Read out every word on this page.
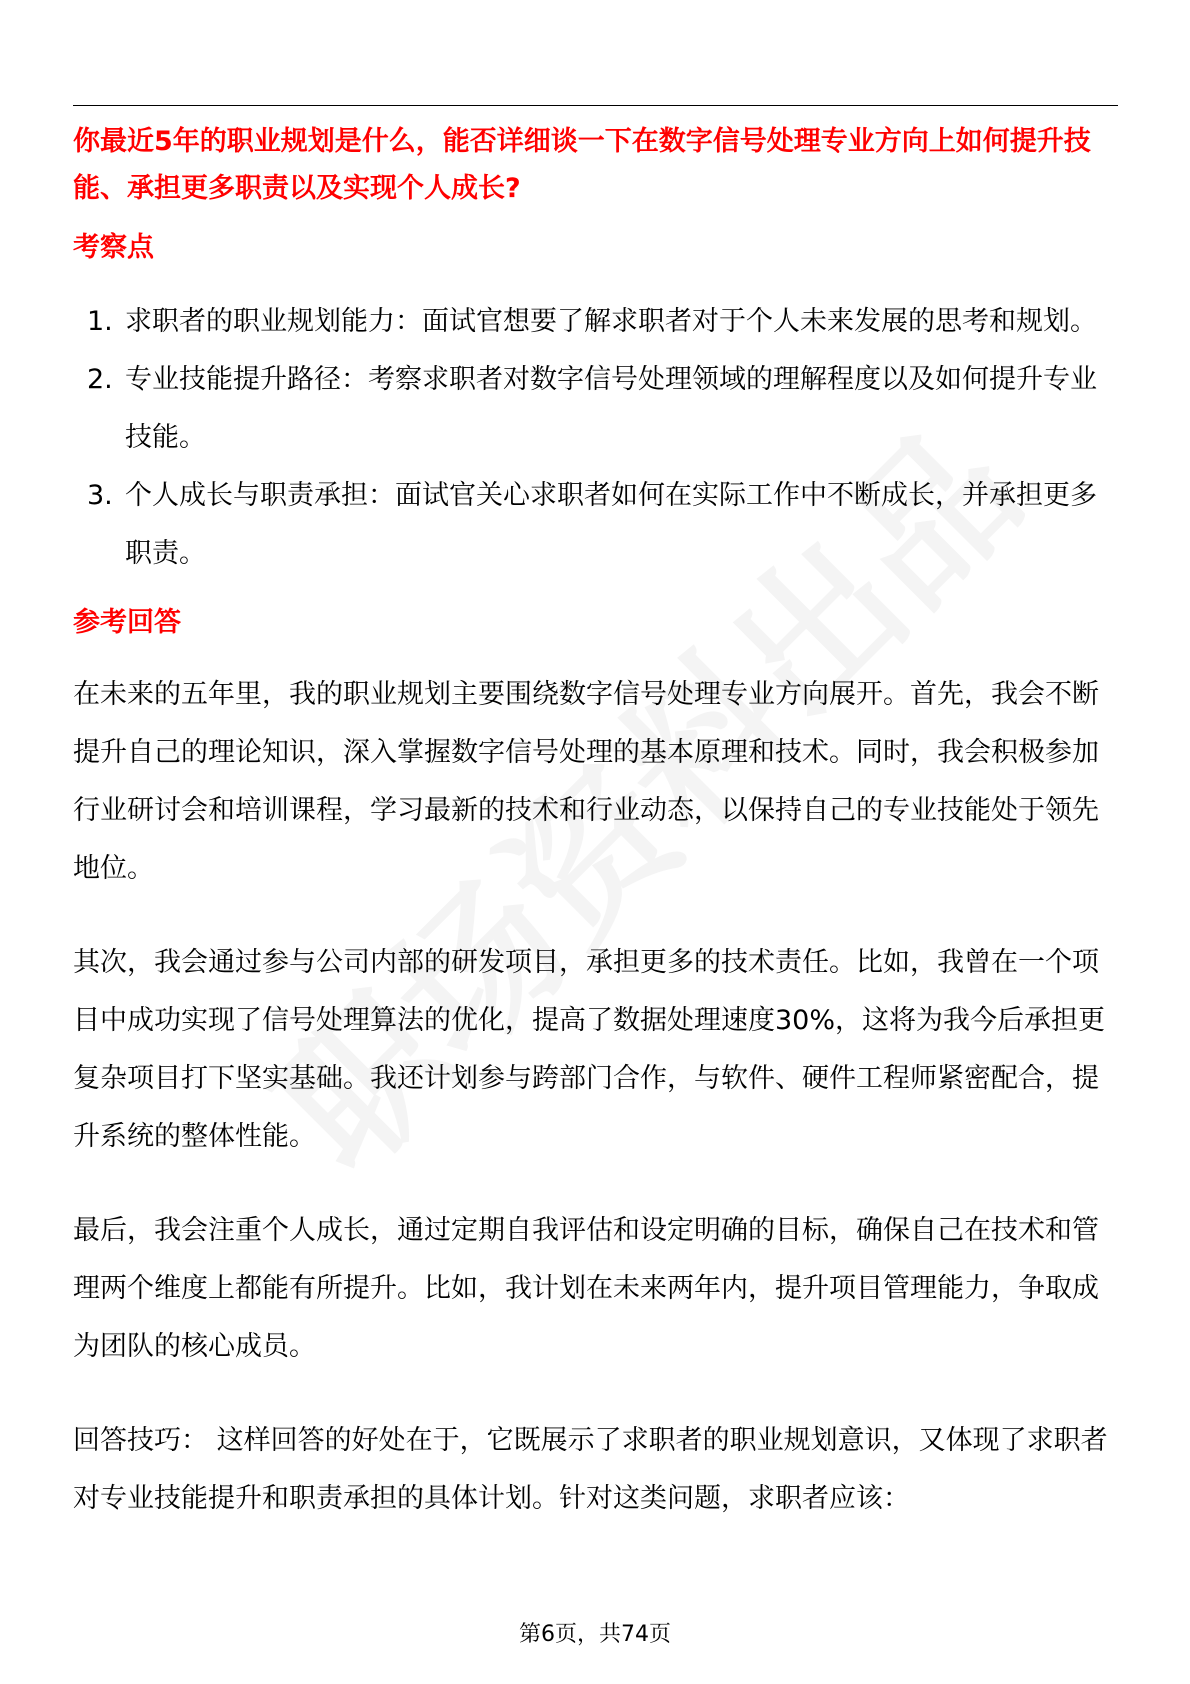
你最近5年的职业规划是什么，能否详细谈一下在数字信号处理专业方向上如何提升技能、承担更多职责以及实现个人成长?

考察点
1. 求职者的职业规划能力：面试官想要了解求职者对于个人未来发展的思考和规划。
2. 专业技能提升路径：考察求职者对数字信号处理领域的理解程度以及如何提升专业技能。
3. 个人成长与职责承担：面试官关心求职者如何在实际工作中不断成长，并承担更多职责。
参考回答

在未来的五年里，我的职业规划主要围绕数字信号处理专业方向展开。首先，我会不断提升自己的理论知识，深入掌握数字信号处理的基本原理和技术。同时，我会积极参加行业研讨会和培训课程，学习最新的技术和行业动态，以保持自己的专业技能处于领先地位。

其次，我会通过参与公司内部的研发项目，承担更多的技术责任。比如，我曾在一个项目中成功实现了信号处理算法的优化，提高了数据处理速度30%，这将为我今后承担更复杂项目打下坚实基础。我还计划参与跨部门合作，与软件、硬件工程师紧密配合，提升系统的整体性能。

最后，我会注重个人成长，通过定期自我评估和设定明确的目标，确保自己在技术和管理两个维度上都能有所提升。比如，我计划在未来两年内，提升项目管理能力，争取成为团队的核心成员。

回答技巧： 这样回答的好处在于，它既展示了求职者的职业规划意识，又体现了求职者对专业技能提升和职责承担的具体计划。针对这类问题，求职者应该：

第6页，共74页
